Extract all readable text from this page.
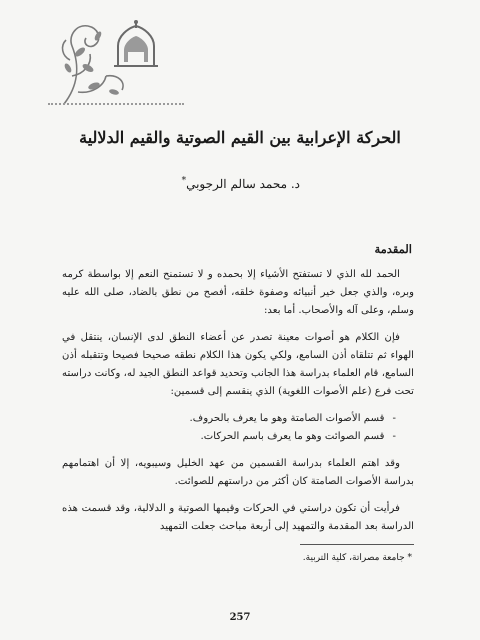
الحركة الإعرابية بين القيم الصوتية والقيم الدلالية
د. محمد سالم الرجوبي*
المقدمة

الحمد لله الذي لا تستفتح الأشياء إلا بحمده و لا تستمنح النعم إلا بواسطة كرمه وبره، والذي جعل خير أنبيائه وصفوة خلقه، أفصح من نطق بالضاد، صلى الله عليه وسلم، وعلى آله والأصحاب. أما بعد:

فإن الكلام هو أصوات معينة تصدر عن أعضاء النطق لدى الإنسان، ينتقل في الهواء ثم تتلقاه أذن السامع، ولكي يكون هذا الكلام نطقه صحيحا فصيحا وتتقبله أذن السامع، قام العلماء بدراسة هذا الجانب وتحديد قواعد النطق الجيد له، وكانت دراسته تحت فرع (علم الأصوات اللغوية) الذي ينقسم إلى قسمين:

- قسم الأصوات الصامتة وهو ما يعرف بالحروف.
- قسم الصوائت وهو ما يعرف باسم الحركات.

وقد اهتم العلماء بدراسة القسمين من عهد الخليل وسيبويه، إلا أن اهتمامهم بدراسة الأصوات الصامتة كان أكثر من دراستهم للصوائت.

فرأيت أن تكون دراستي في الحركات وقيمها الصوتية و الدلالية، وقد قسمت هذه الدراسة بعد المقدمة والتمهيد إلى أربعة مباحث جعلت التمهيد

* جامعة مصراتة، كلية التربية.
257
